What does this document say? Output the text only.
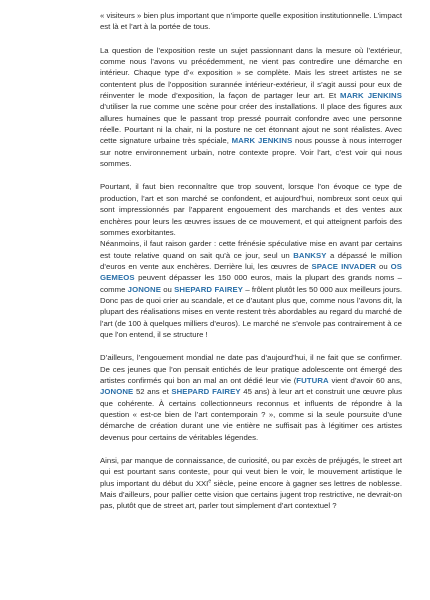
« visiteurs » bien plus important que n’importe quelle exposition institutionnelle. L’impact est là et l’art à la portée de tous.

La question de l’exposition reste un sujet passionnant dans la mesure où l’extérieur, comme nous l’avons vu précédemment, ne vient pas contredire une démarche en intérieur. Chaque type d’« exposition » se complète. Mais les street artistes ne se contentent plus de l’opposition surannée intérieur-extérieur, il s’agit aussi pour eux de réinventer le mode d’exposition, la façon de partager leur art. Et MARK JENKINS d’utiliser la rue comme une scène pour créer des installations. Il place des figures aux allures humaines que le passant trop pressé pourrait confondre avec une personne réelle. Pourtant ni la chair, ni la posture ne cet étonnant ajout ne sont réalistes. Avec cette signature urbaine très spéciale, MARK JENKINS nous pousse à nous interroger sur notre environnement urbain, notre contexte propre. Voir l’art, c’est voir qui nous sommes.

Pourtant, il faut bien reconnaître que trop souvent, lorsque l’on évoque ce type de production, l’art et son marché se confondent, et aujourd’hui, nombreux sont ceux qui sont impressionnés par l’apparent engouement des marchands et des ventes aux enchères pour leurs les œuvres issues de ce mouvement, et qui atteignent parfois des sommes exorbitantes.
Néanmoins, il faut raison garder : cette frénésie spéculative mise en avant par certains est toute relative quand on sait qu’à ce jour, seul un BANKSY a dépassé le million d’euros en vente aux enchères. Derrière lui, les œuvres de SPACE INVADER ou OS GEMEOS peuvent dépasser les 150 000 euros, mais la plupart des grands noms – comme JONONE ou SHEPARD FAIREY – frôlent plutôt les 50 000 aux meilleurs jours. Donc pas de quoi crier au scandale, et ce d’autant plus que, comme nous l’avons dit, la plupart des réalisations mises en vente restent très abordables au regard du marché de l’art (de 100 à quelques milliers d’euros). Le marché ne s’envole pas contrairement à ce que l’on entend, il se structure !

D’ailleurs, l’engouement mondial ne date pas d’aujourd’hui, il ne fait que se confirmer. De ces jeunes que l’on pensait entichés de leur pratique adolescente ont émergé des artistes confirmés qui bon an mal an ont dédié leur vie (FUTURA vient d’avoir 60 ans, JONONE 52 ans et SHEPARD FAIREY 45 ans) à leur art et construit une œuvre plus que cohérente. À certains collectionneurs reconnus et influents de répondre à la question « est-ce bien de l’art contemporain ? », comme si la seule poursuite d’une démarche de création durant une vie entière ne suffisait pas à légitimer ces artistes devenus pour certains de véritables légendes.

Ainsi, par manque de connaissance, de curiosité, ou par excès de préjugés, le street art qui est pourtant sans conteste, pour qui veut bien le voir, le mouvement artistique le plus important du début du XXIe siècle, peine encore à gagner ses lettres de noblesse. Mais d’ailleurs, pour pallier cette vision que certains jugent trop restrictive, ne devrait-on pas, plutôt que de street art, parler tout simplement d’art contextuel ?
